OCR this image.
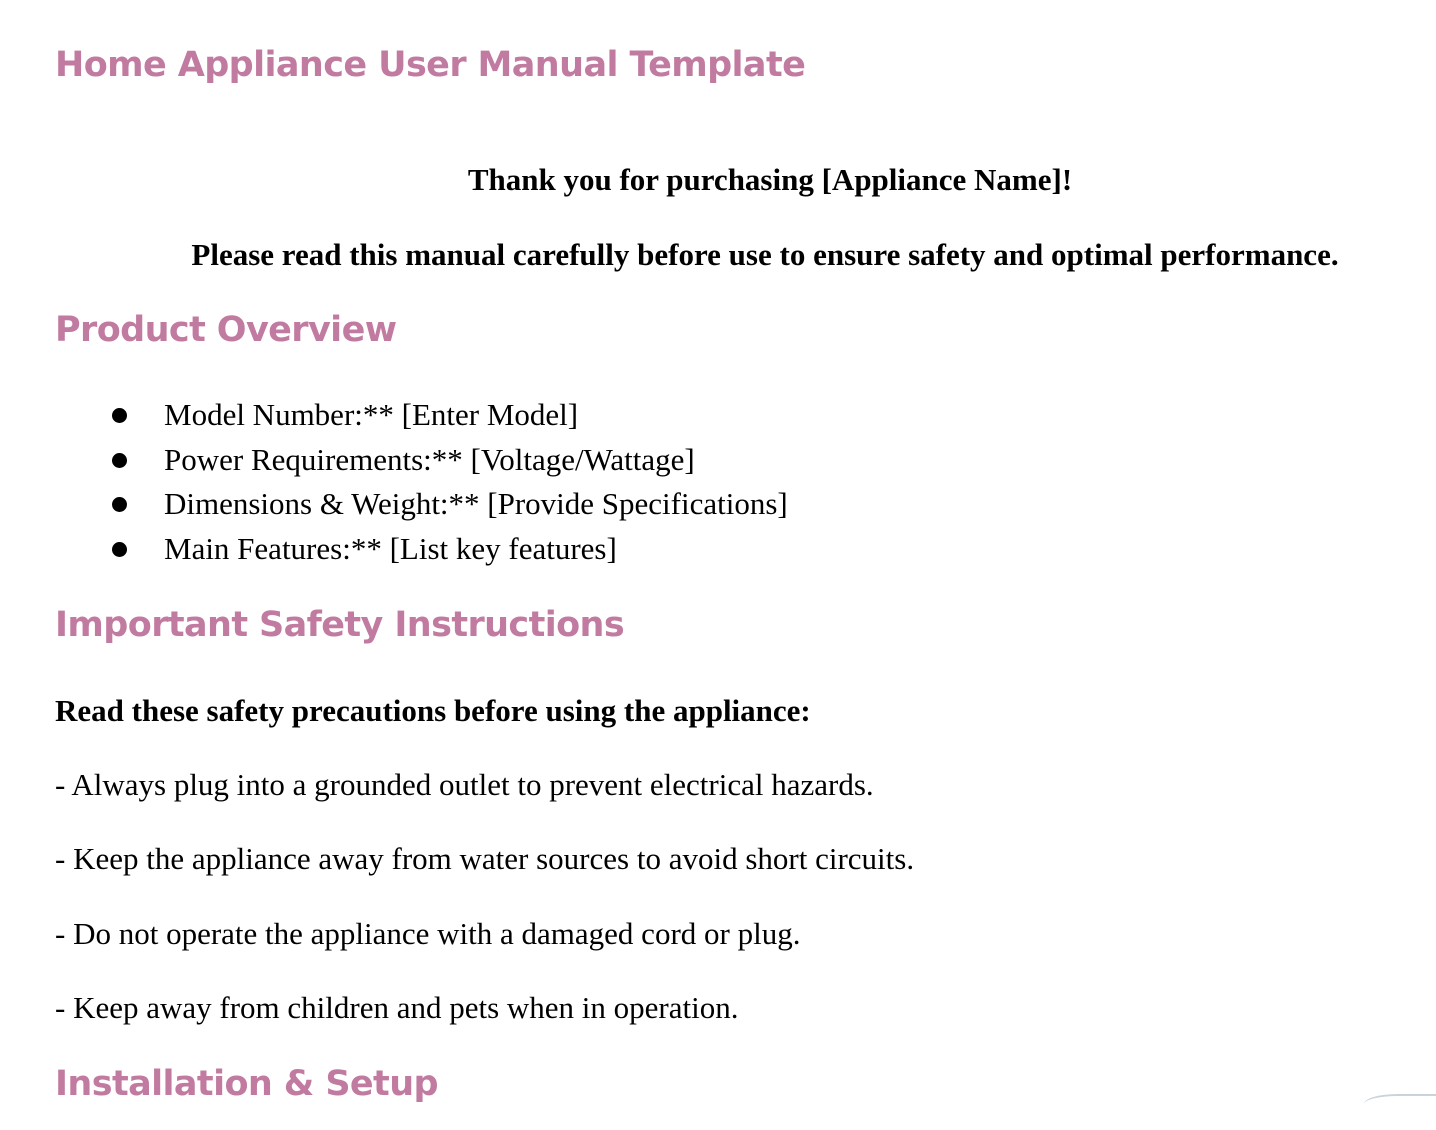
Home Appliance User Manual Template

Thank you for purchasing [Appliance Name]!

Please read this manual carefully before use to ensure safety and optimal performance.

Product Overview
Model Number:** [Enter Model]
Power Requirements:** [Voltage/Wattage]
Dimensions & Weight:** [Provide Specifications]
Main Features:** [List key features]
Important Safety Instructions

Read these safety precautions before using the appliance:

- Always plug into a grounded outlet to prevent electrical hazards.

- Keep the appliance away from water sources to avoid short circuits.

- Do not operate the appliance with a damaged cord or plug.

- Keep away from children and pets when in operation.

Installation & Setup
